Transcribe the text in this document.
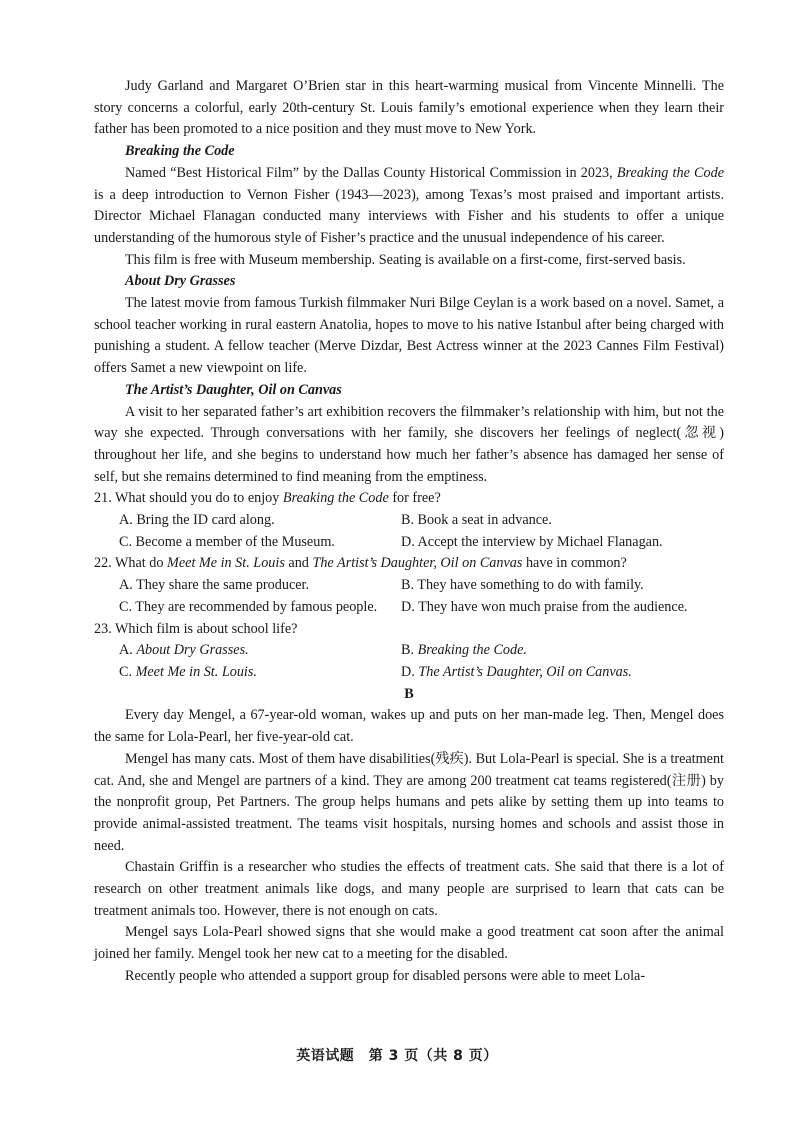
Judy Garland and Margaret O’Brien star in this heart-warming musical from Vincente Minnelli. The story concerns a colorful, early 20th-century St. Louis family’s emotional experience when they learn their father has been promoted to a nice position and they must move to New York.

Breaking the Code

Named “Best Historical Film” by the Dallas County Historical Commission in 2023, Breaking the Code is a deep introduction to Vernon Fisher (1943—2023), among Texas’s most praised and important artists. Director Michael Flanagan conducted many interviews with Fisher and his students to offer a unique understanding of the humorous style of Fisher’s practice and the unusual independence of his career.

This film is free with Museum membership. Seating is available on a first-come, first-served basis.

About Dry Grasses

The latest movie from famous Turkish filmmaker Nuri Bilge Ceylan is a work based on a novel. Samet, a school teacher working in rural eastern Anatolia, hopes to move to his native Istanbul after being charged with punishing a student. A fellow teacher (Merve Dizdar, Best Actress winner at the 2023 Cannes Film Festival) offers Samet a new viewpoint on life.

The Artist’s Daughter, Oil on Canvas

A visit to her separated father’s art exhibition recovers the filmmaker’s relationship with him, but not the way she expected. Through conversations with her family, she discovers her feelings of neglect(忽视) throughout her life, and she begins to understand how much her father’s absence has damaged her sense of self, but she remains determined to find meaning from the emptiness.

21. What should you do to enjoy Breaking the Code for free?
A. Bring the ID card along.	B. Book a seat in advance.
C. Become a member of the Museum.	D. Accept the interview by Michael Flanagan.
22. What do Meet Me in St. Louis and The Artist’s Daughter, Oil on Canvas have in common?
A. They share the same producer.	B. They have something to do with family.
C. They are recommended by famous people.	D. They have won much praise from the audience.
23. Which film is about school life?
A. About Dry Grasses.	B. Breaking the Code.
C. Meet Me in St. Louis.	D. The Artist’s Daughter, Oil on Canvas.
B

Every day Mengel, a 67-year-old woman, wakes up and puts on her man-made leg. Then, Mengel does the same for Lola-Pearl, her five-year-old cat.

Mengel has many cats. Most of them have disabilities(残疾). But Lola-Pearl is special. She is a treatment cat. And, she and Mengel are partners of a kind. They are among 200 treatment cat teams registered(注册) by the nonprofit group, Pet Partners. The group helps humans and pets alike by setting them up into teams to provide animal-assisted treatment. The teams visit hospitals, nursing homes and schools and assist those in need.

Chastain Griffin is a researcher who studies the effects of treatment cats. She said that there is a lot of research on other treatment animals like dogs, and many people are surprised to learn that cats can be treatment animals too. However, there is not enough on cats.

Mengel says Lola-Pearl showed signs that she would make a good treatment cat soon after the animal joined her family. Mengel took her new cat to a meeting for the disabled.

Recently people who attended a support group for disabled persons were able to meet Lola-

英语试题　第 3 页（共 8 页）
